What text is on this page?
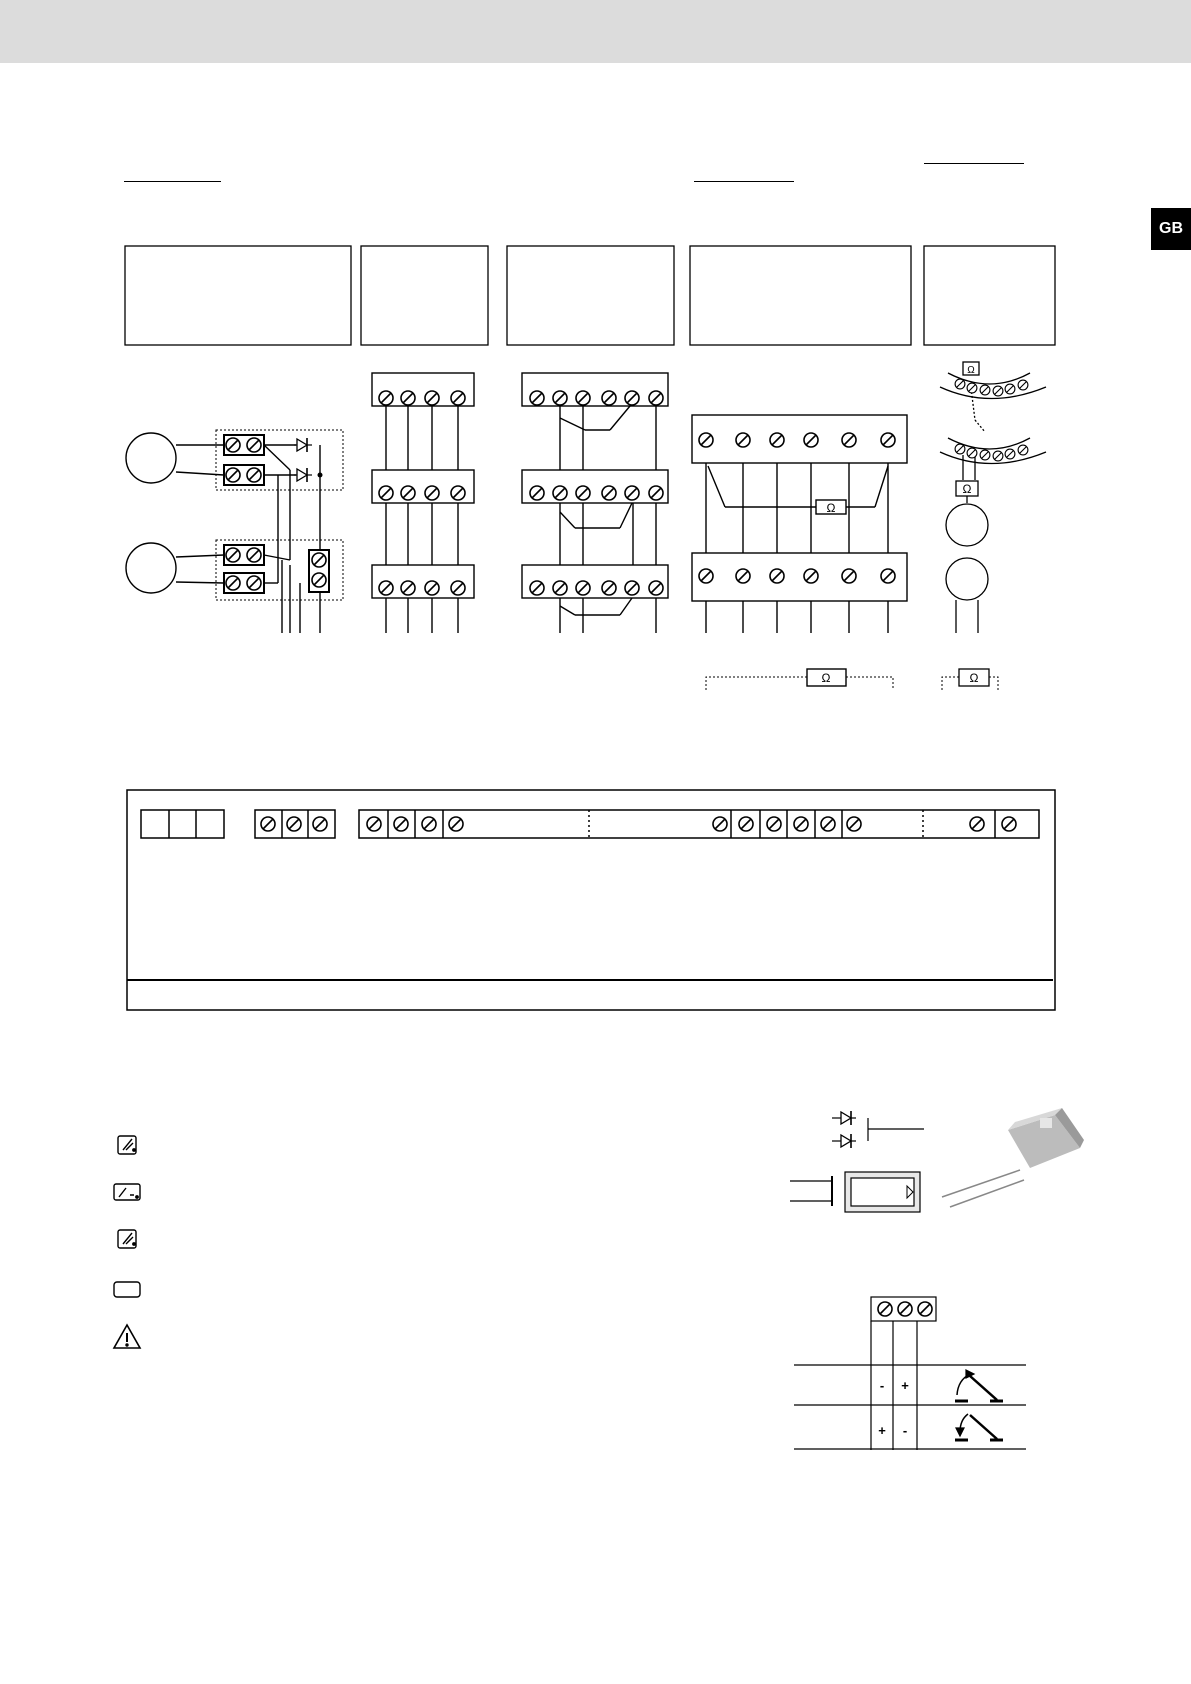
GB
Ω
Ω
Ω
Ω
Ω
- +
+ -
